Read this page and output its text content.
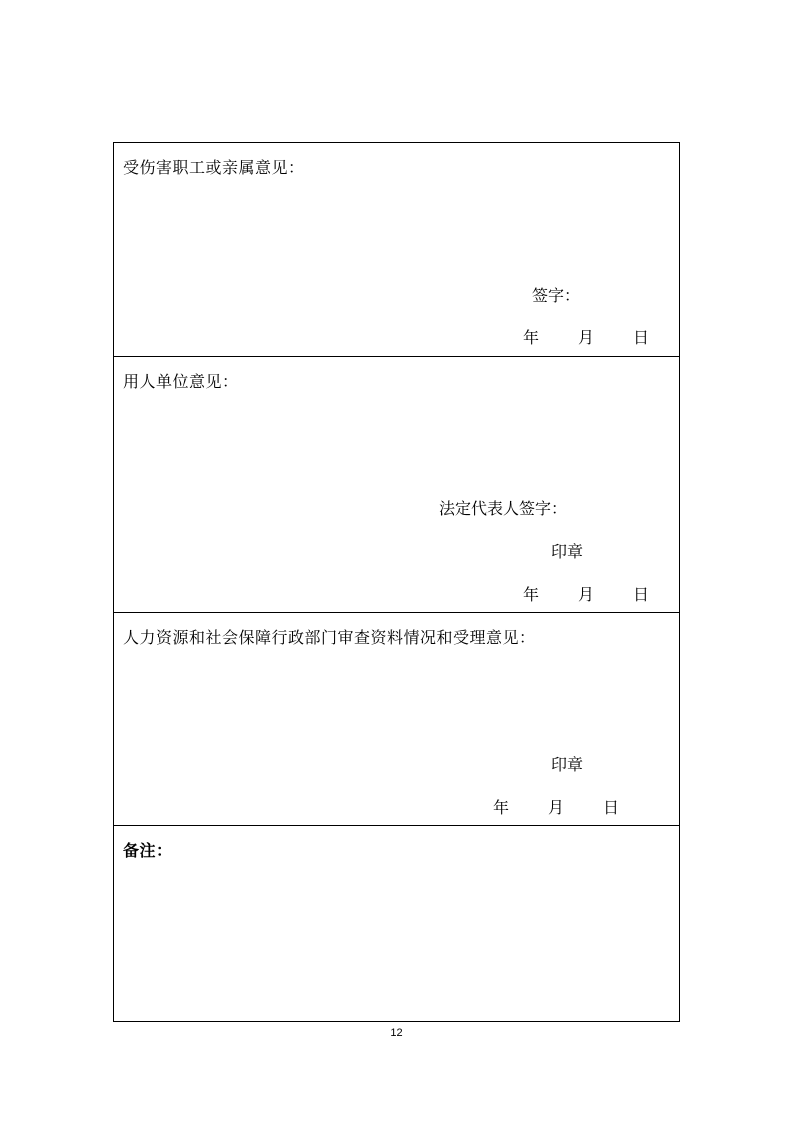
受伤害职工或亲属意见：
签字：
年 月 日
用人单位意见：
法定代表人签字：
印章
年 月 日
人力资源和社会保障行政部门审查资料情况和受理意见：
印章
年 月 日
备注：
12
